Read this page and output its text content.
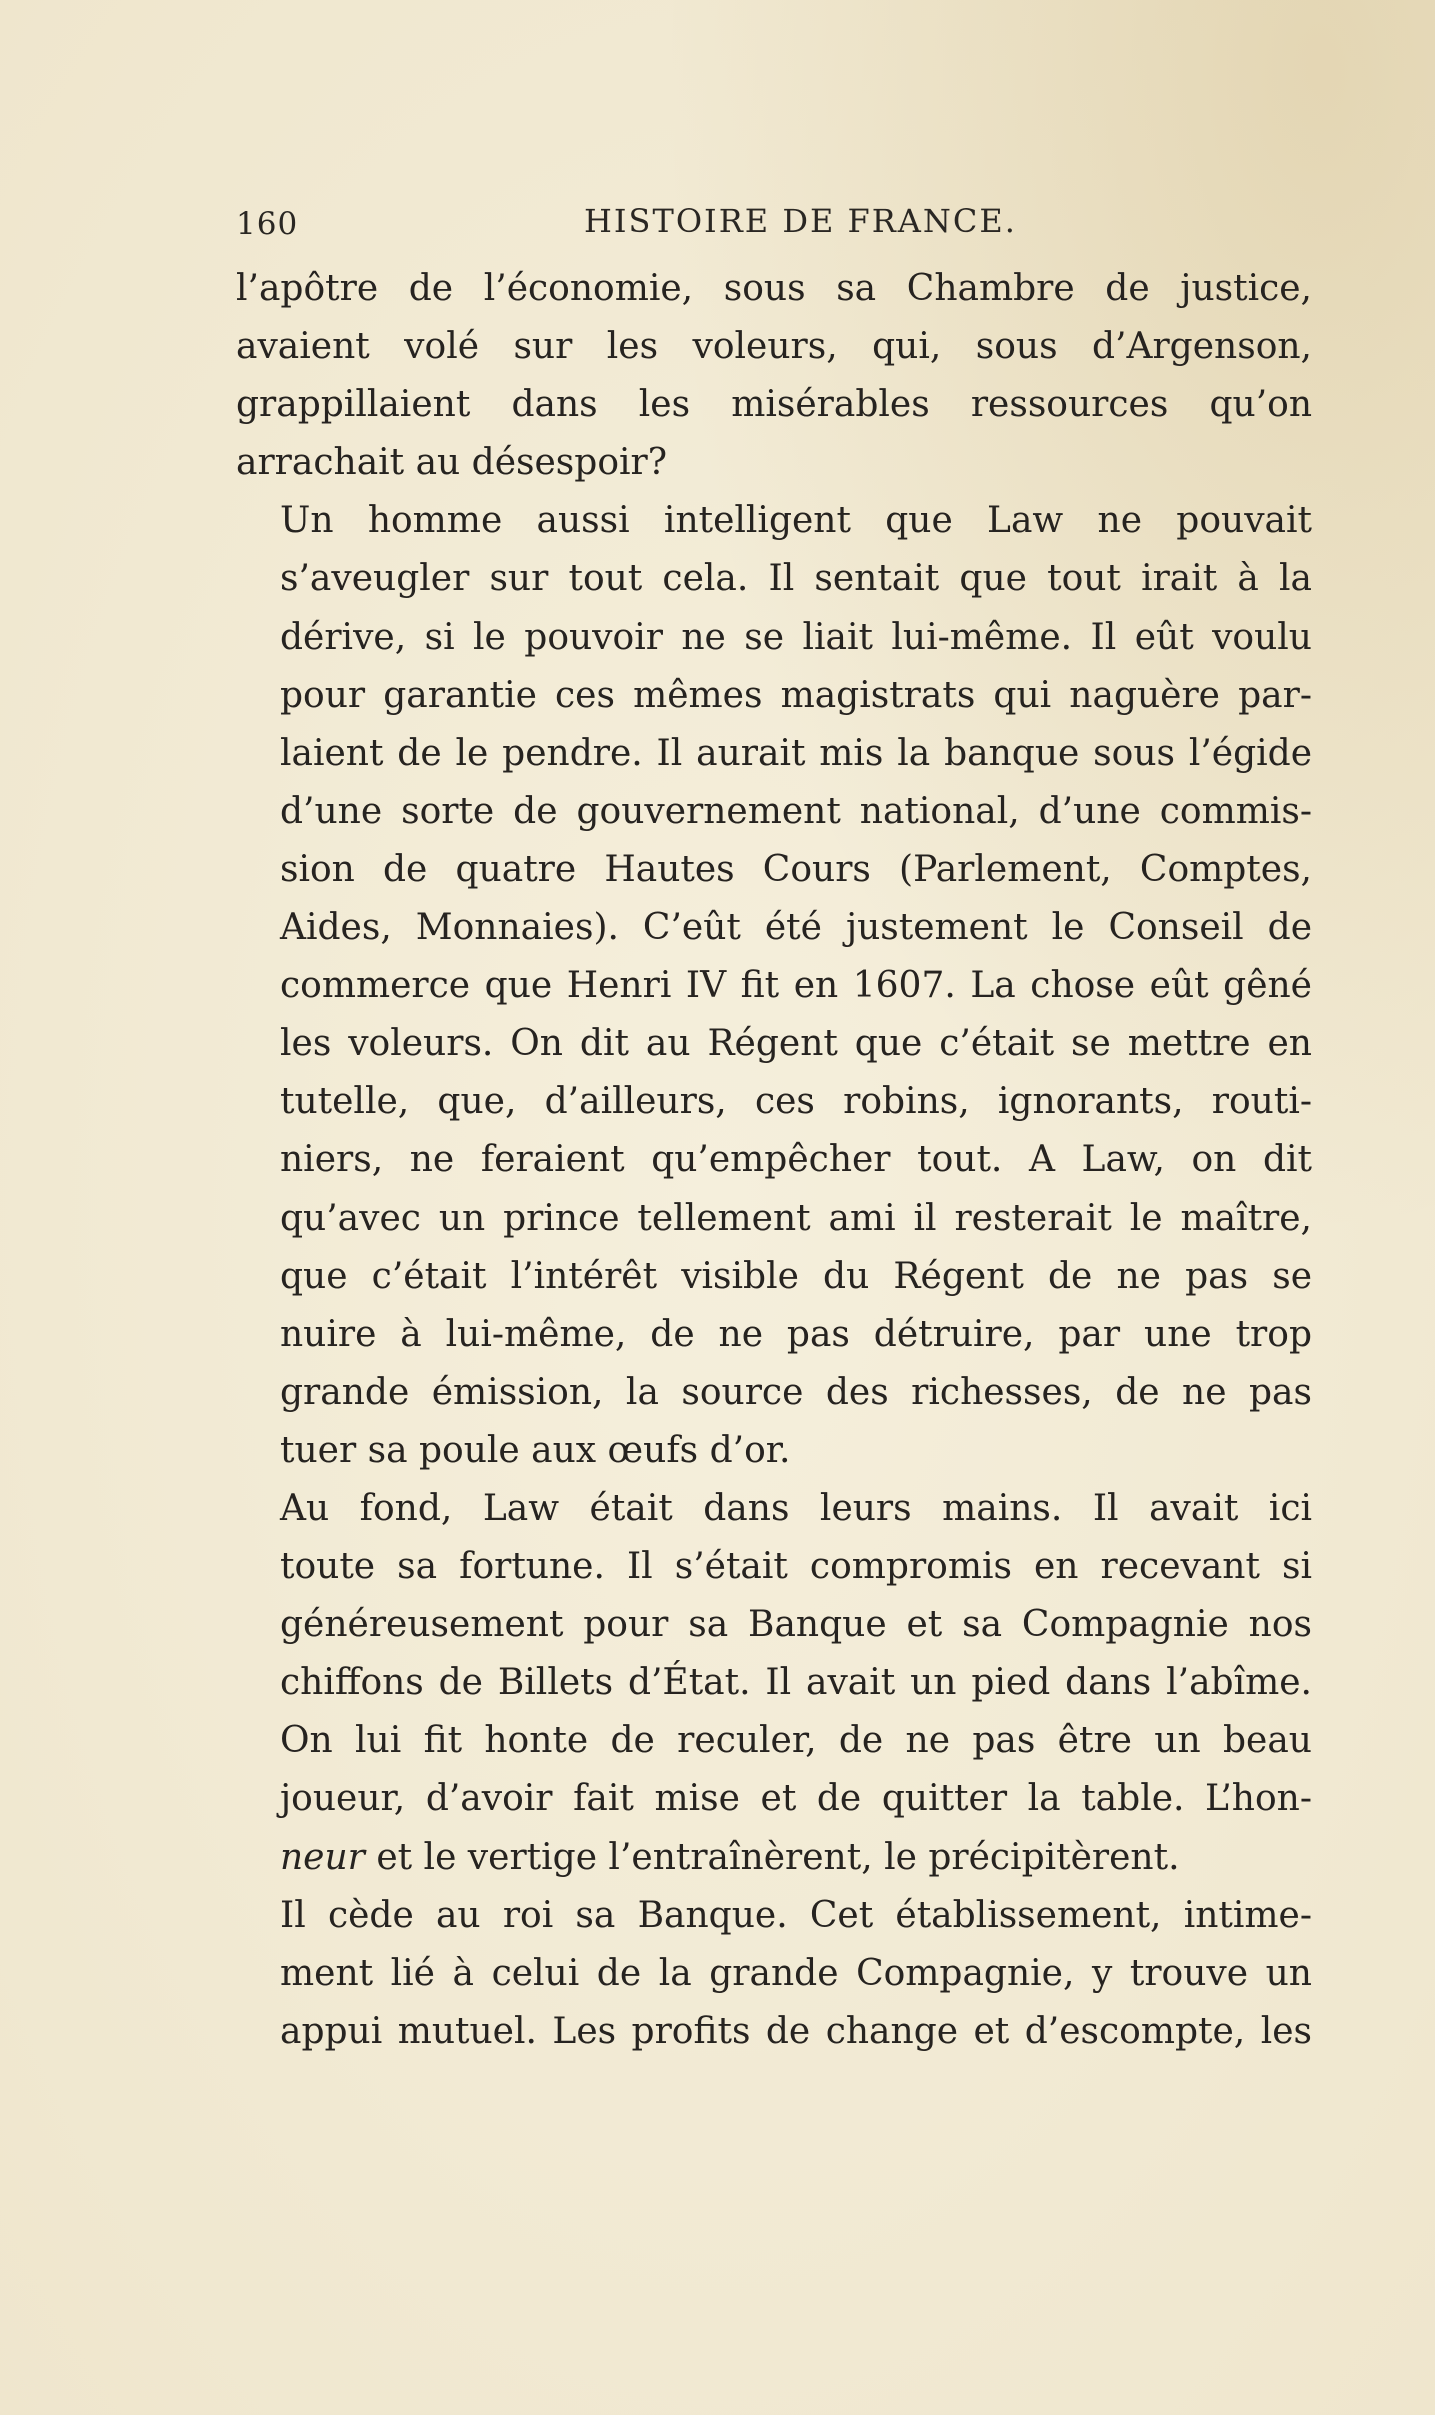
160	HISTOIRE DE FRANCE.

l’apôtre de l’économie, sous sa Chambre de justice,
avaient volé sur les voleurs, qui, sous d’Argenson,
grappillaient dans les misérables ressources qu’on
arrachait au désespoir?

Un homme aussi intelligent que Law ne pouvait
s’aveugler sur tout cela. Il sentait que tout irait à la
dérive, si le pouvoir ne se liait lui-même. Il eût voulu
pour garantie ces mêmes magistrats qui naguère par-
laient de le pendre. Il aurait mis la banque sous l’égide
d’une sorte de gouvernement national, d’une commis-
sion de quatre Hautes Cours (Parlement, Comptes,
Aides, Monnaies). C’eût été justement le Conseil de
commerce que Henri IV fit en 1607. La chose eût gêné
les voleurs. On dit au Régent que c’était se mettre en
tutelle, que, d’ailleurs, ces robins, ignorants, routi-
niers, ne feraient qu’empêcher tout. A Law, on dit
qu’avec un prince tellement ami il resterait le maître,
que c’était l’intérêt visible du Régent de ne pas se
nuire à lui-même, de ne pas détruire, par une trop
grande émission, la source des richesses, de ne pas
tuer sa poule aux œufs d’or.

Au fond, Law était dans leurs mains. Il avait ici
toute sa fortune. Il s’était compromis en recevant si
généreusement pour sa Banque et sa Compagnie nos
chiffons de Billets d’État. Il avait un pied dans l’abîme.
On lui fit honte de reculer, de ne pas être un beau
joueur, d’avoir fait mise et de quitter la table. L’hon-
neur et le vertige l’entraînèrent, le précipitèrent.

Il cède au roi sa Banque. Cet établissement, intime-
ment lié à celui de la grande Compagnie, y trouve un
appui mutuel. Les profits de change et d’escompte, les
